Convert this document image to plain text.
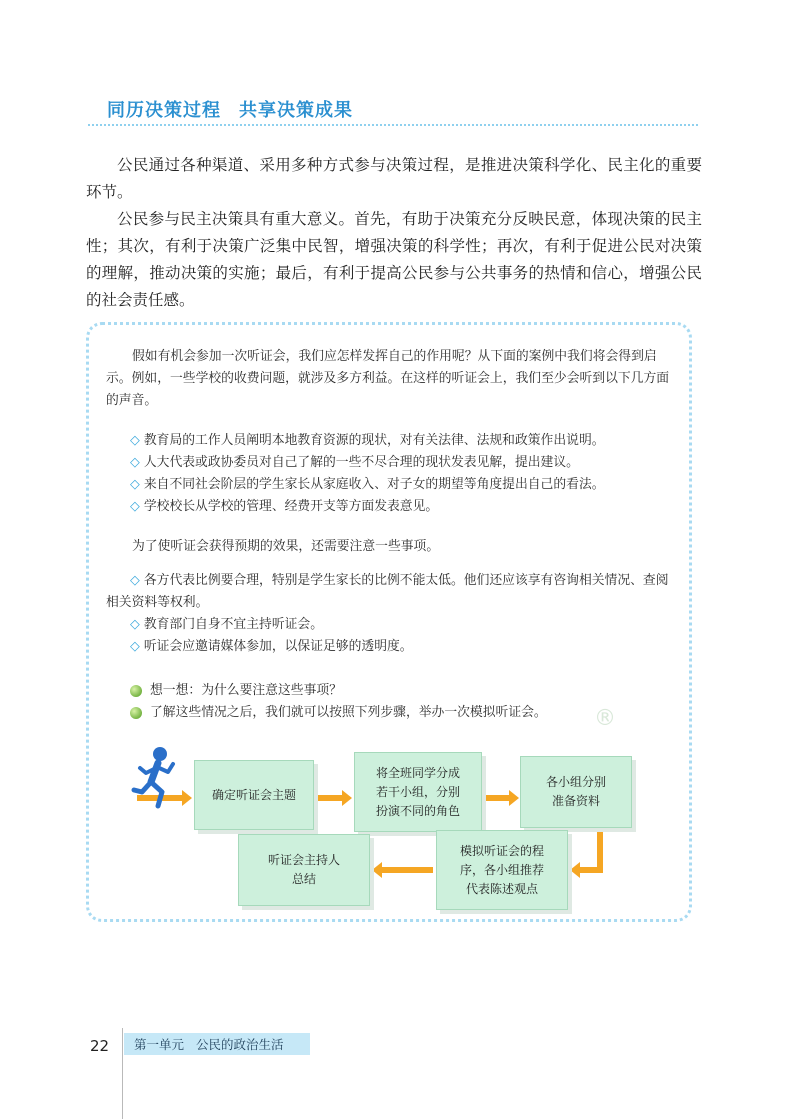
同历决策过程 共享决策成果

公民通过各种渠道、采用多种方式参与决策过程，是推进决策科学化、民主化的重要环节。

公民参与民主决策具有重大意义。首先，有助于决策充分反映民意，体现决策的民主性；其次，有利于决策广泛集中民智，增强决策的科学性；再次，有利于促进公民对决策的理解，推动决策的实施；最后，有利于提高公民参与公共事务的热情和信心，增强公民的社会责任感。

假如有机会参加一次听证会，我们应怎样发挥自己的作用呢？从下面的案例中我们将会得到启示。例如，一些学校的收费问题，就涉及多方利益。在这样的听证会上，我们至少会听到以下几方面的声音。

◇ 教育局的工作人员阐明本地教育资源的现状，对有关法律、法规和政策作出说明。
◇ 人大代表或政协委员对自己了解的一些不尽合理的现状发表见解，提出建议。
◇ 来自不同社会阶层的学生家长从家庭收入、对子女的期望等角度提出自己的看法。
◇ 学校校长从学校的管理、经费开支等方面发表意见。

为了使听证会获得预期的效果，还需要注意一些事项。

◇ 各方代表比例要合理，特别是学生家长的比例不能太低。他们还应该享有咨询相关情况、查阅相关资料等权利。
◇ 教育部门自身不宜主持听证会。
◇ 听证会应邀请媒体参加，以保证足够的透明度。

想一想：为什么要注意这些事项？

了解这些情况之后，我们就可以按照下列步骤，举办一次模拟听证会。 ®
确定听证会主题
将全班同学分成
若干小组，分别
扮演不同的角色
各小组分别
准备资料
模拟听证会的程
序，各小组推荐
代表陈述观点
听证会主持人
总结

22 第一单元 公民的政治生活
